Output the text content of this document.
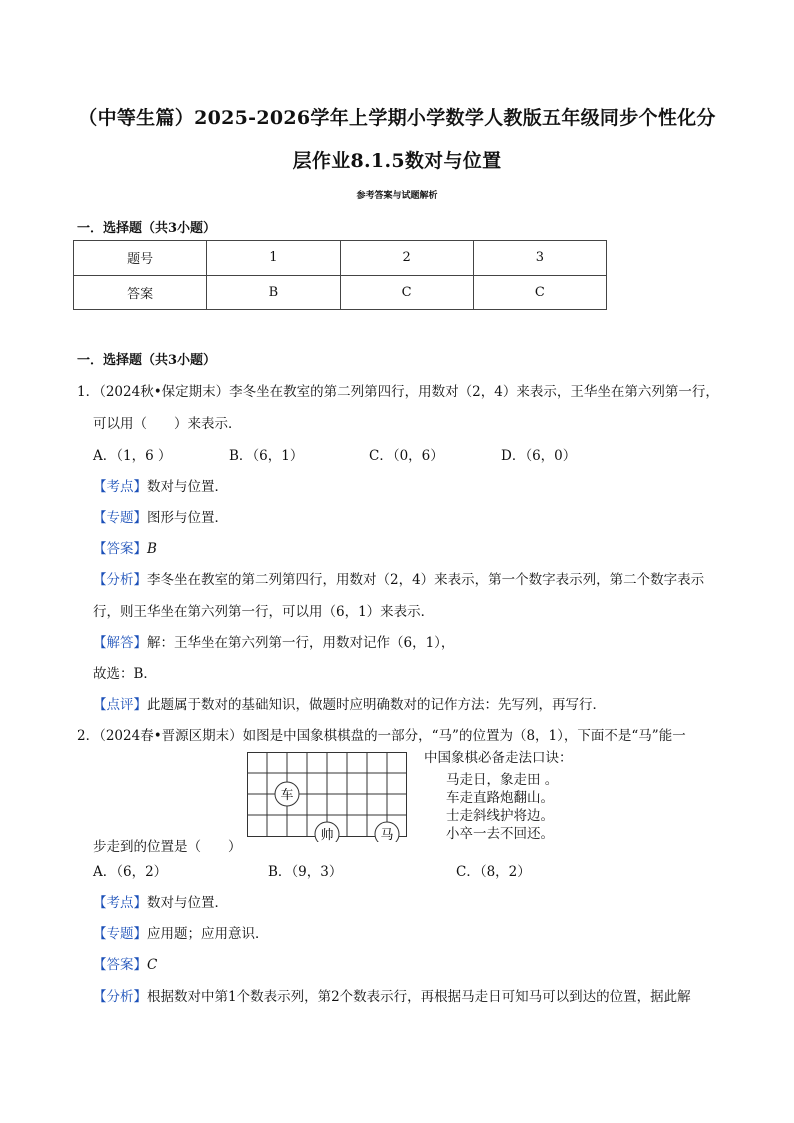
（中等生篇）2025-2026学年上学期小学数学人教版五年级同步个性化分
层作业8.1.5数对与位置
参考答案与试题解析
一．选择题（共3小题）
题号	1	2	3
答案	B	C	C
一．选择题（共3小题）
1．（2024秋•保定期末）李冬坐在教室的第二列第四行，用数对（2，4）来表示，王华坐在第六列第一行，
可以用（　　）来表示．
A．（1，6 ）	B．（6，1）	C．（0，6）	D．（6，0）
【考点】数对与位置．
【专题】图形与位置．
【答案】B
【分析】李冬坐在教室的第二列第四行，用数对（2，4）来表示，第一个数字表示列，第二个数字表示
行，则王华坐在第六列第一行，可以用（6，1）来表示．
【解答】解：王华坐在第六列第一行，用数对记作（6，1），
故选：B．
【点评】此题属于数对的基础知识，做题时应明确数对的记作方法：先写列，再写行．
2．（2024春•晋源区期末）如图是中国象棋棋盘的一部分，“马”的位置为（8，1），下面不是“马”能一
车
帅	马
中国象棋必备走法口诀：
马走日，象走田 。
车走直路炮翻山。
士走斜线护将边。
小卒一去不回还。
步走到的位置是（　　）
A．（6，2）	B．（9，3）	C．（8，2）
【考点】数对与位置．
【专题】应用题；应用意识．
【答案】C
【分析】根据数对中第1个数表示列，第2个数表示行，再根据马走日可知马可以到达的位置，据此解
